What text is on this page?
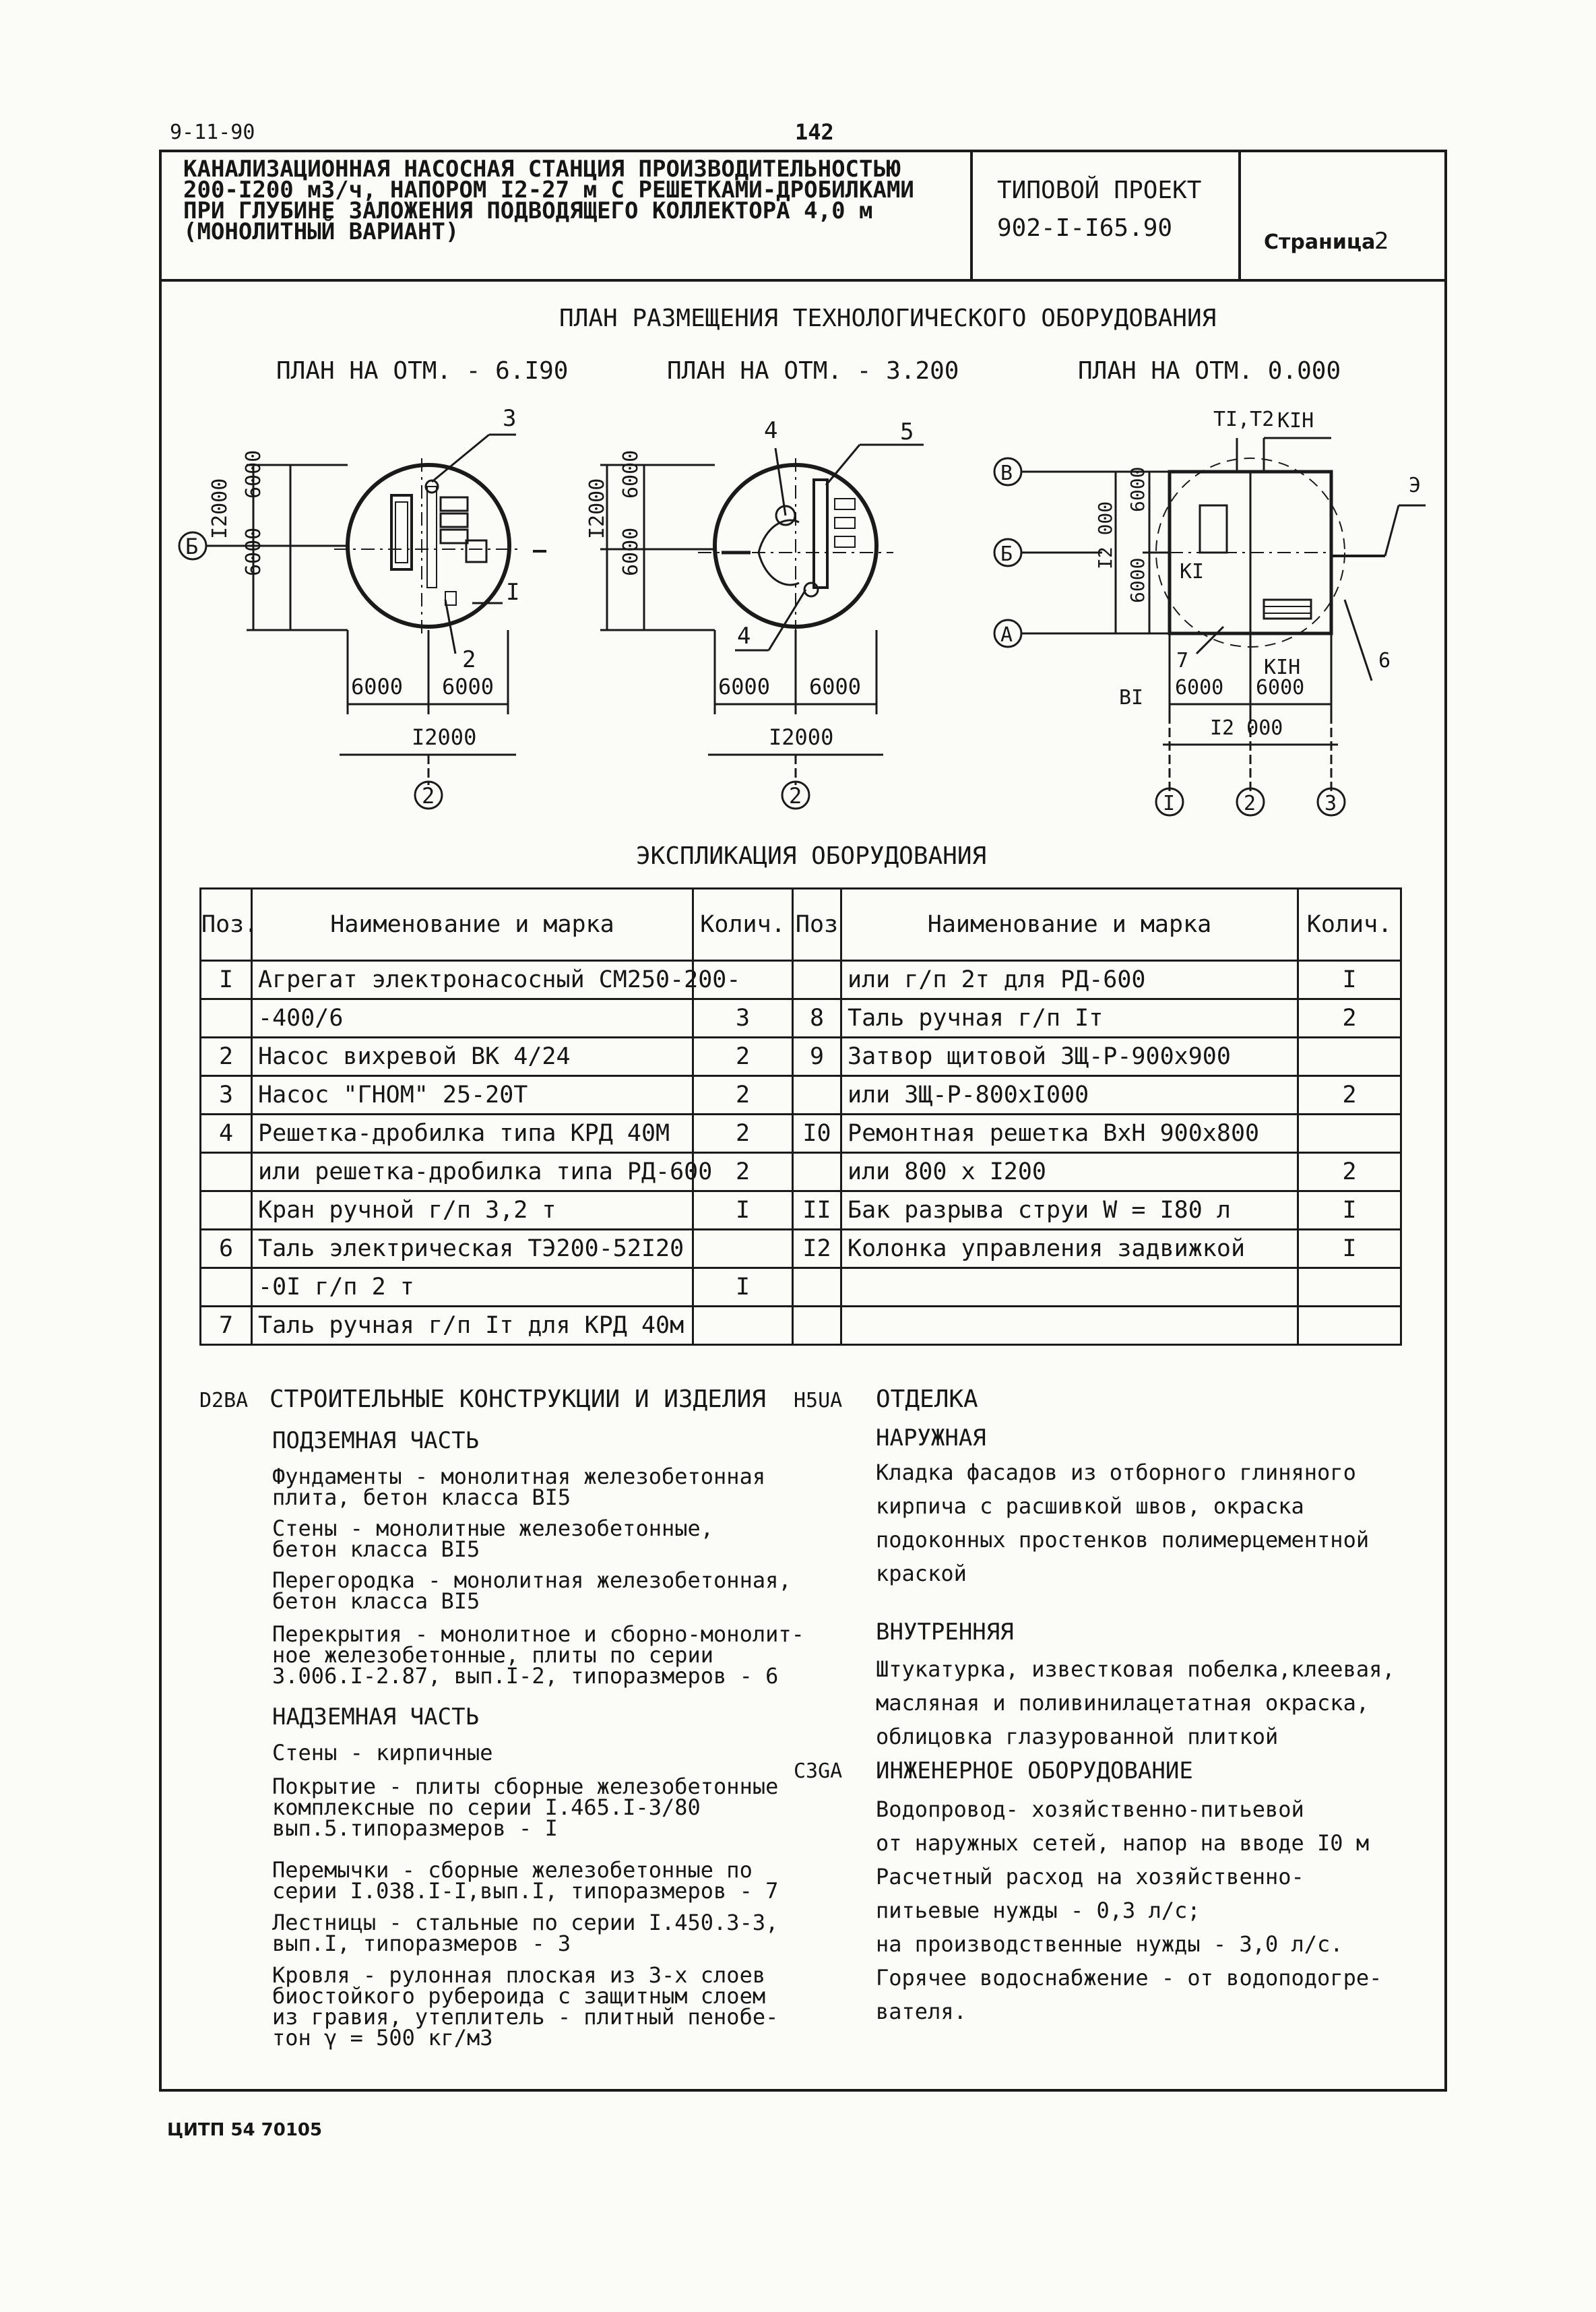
9-11-90	142
КАНАЛИЗАЦИОННАЯ НАСОСНАЯ СТАНЦИЯ ПРОИЗВОДИТЕЛЬНОСТЬЮ
200-I200 м3/ч, НАПОРОМ I2-27 м С РЕШЕТКАМИ-ДРОБИЛКАМИ
ПРИ ГЛУБИНЕ ЗАЛОЖЕНИЯ ПОДВОДЯЩЕГО КОЛЛЕКТОРА 4,0 м
(МОНОЛИТНЫЙ ВАРИАНТ)
ТИПОВОЙ ПРОЕКТ
902-I-I65.90
Страница
2
ПЛАН РАЗМЕЩЕНИЯ ТЕХНОЛОГИЧЕСКОГО ОБОРУДОВАНИЯ
ПЛАН НА ОТМ. - 6.I90	ПЛАН НА ОТМ. - 3.200	ПЛАН НА ОТМ. 0.000
3
2
I
6000
6000
I2000
6000 6000
I2000
Б
2
4	5
4
6000
6000
I2000
6000 6000
I2000
2
TI,T2 KIН
Э
KI
7
BI
KIН	6
6000
6000
I2 000
6000 6000
I2 000
В
Б
А
I	2	3
ЭКСПЛИКАЦИЯ ОБОРУДОВАНИЯ
Поз.	Наименование и марка	Колич.	Поз	Наименование и марка	Колич.
I	Агрегат электронасосный СМ250-200-			или г/п 2т для РД-600	I
	-400/6	3	8	Таль ручная г/п Iт	2
2	Насос вихревой ВК 4/24	2	9	Затвор щитовой ЗЩ-Р-900х900	
3	Насос "ГНОМ" 25-20Т	2		или ЗЩ-Р-800хI000	2
4	Решетка-дробилка типа КРД 40М	2	I0	Ремонтная решетка ВхН 900х800	
	или решетка-дробилка типа РД-600	2		или 800 х I200	2
	Кран ручной г/п 3,2 т	I	II	Бак разрыва струи W = I80 л	I
6	Таль электрическая ТЭ200-52I20		I2	Колонка управления задвижкой	I
	-0I г/п 2 т	I			
7	Таль ручная г/п Iт для КРД 40м				
D2BA СТРОИТЕЛЬНЫЕ КОНСТРУКЦИИ И ИЗДЕЛИЯ
ПОДЗЕМНАЯ ЧАСТЬ
Фундаменты - монолитная железобетонная
плита, бетон класса BI5
Стены - монолитные железобетонные,
бетон класса BI5
Перегородка - монолитная железобетонная,
бетон класса BI5
Перекрытия - монолитное и сборно-монолит-
ное железобетонные, плиты по серии
3.006.I-2.87, вып.I-2, типоразмеров - 6
НАДЗЕМНАЯ ЧАСТЬ
Стены - кирпичные
Покрытие - плиты сборные железобетонные
комплексные по серии I.465.I-3/80
вып.5.типоразмеров - I
Перемычки - сборные железобетонные по
серии I.038.I-I,вып.I, типоразмеров - 7
Лестницы - стальные по серии I.450.3-3,
вып.I, типоразмеров - 3
Кровля - рулонная плоская из 3-х слоев
биостойкого рубероида с защитным слоем
из гравия, утеплитель - плитный пенобе-
тон γ = 500 кг/м3
H5UA ОТДЕЛКА
НАРУЖНАЯ
Кладка фасадов из отборного глиняного
кирпича с расшивкой швов, окраска
подоконных простенков полимерцементной
краской
ВНУТРЕННЯЯ
Штукатурка, известковая побелка,клеевая,
масляная и поливинилацетатная окраска,
облицовка глазурованной плиткой
C3GA ИНЖЕНЕРНОЕ ОБОРУДОВАНИЕ
Водопровод- хозяйственно-питьевой
от наружных сетей, напор на вводе I0 м
Расчетный расход на хозяйственно-
питьевые нужды - 0,3 л/с;
на производственные нужды - 3,0 л/с.
Горячее водоснабжение - от водоподогре-
вателя.
ЦИТП 54 70105
